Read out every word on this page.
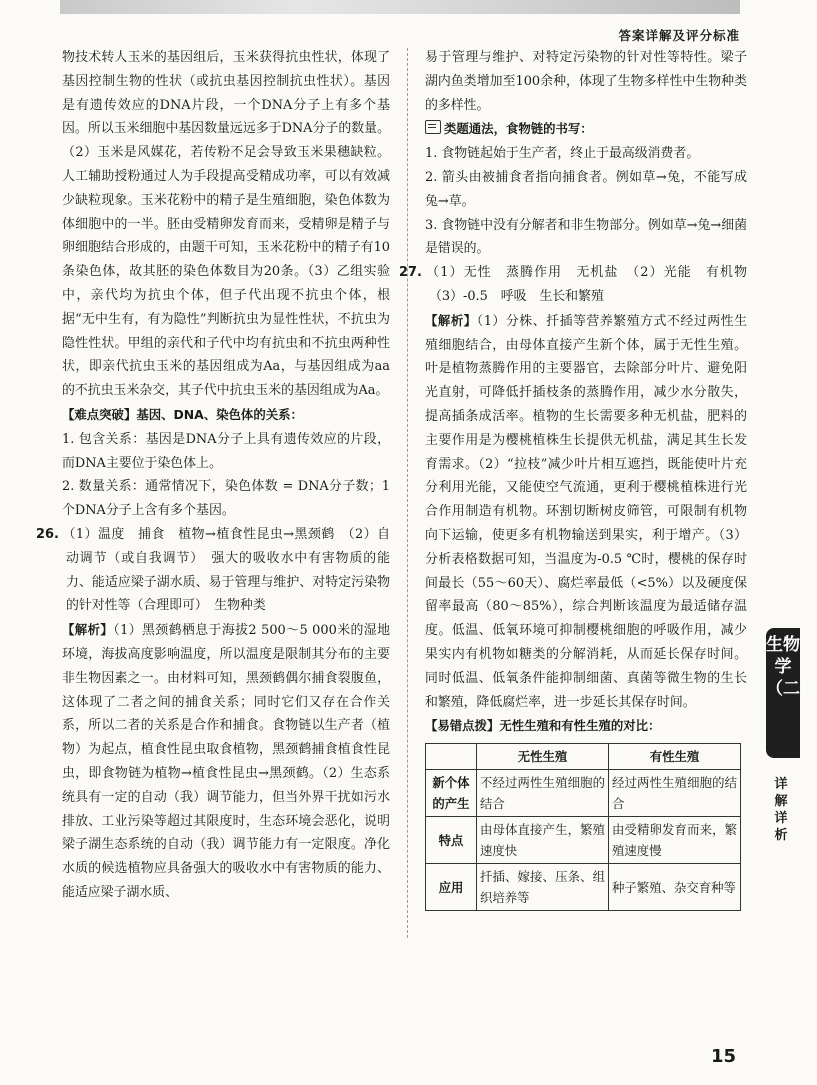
答案详解及评分标准

物技术转人玉米的基因组后，玉米获得抗虫性状，体现了基因控制生物的性状（或抗虫基因控制抗虫性状）。基因是有遗传效应的DNA片段，一个DNA分子上有多个基因。所以玉米细胞中基因数量远远多于DNA分子的数量。（2）玉米是风媒花，若传粉不足会导致玉米果穗缺粒。人工辅助授粉通过人为手段提高受精成功率，可以有效减少缺粒现象。玉米花粉中的精子是生殖细胞，染色体数为体细胞中的一半。胚由受精卵发育而来，受精卵是精子与卵细胞结合形成的，由题干可知，玉米花粉中的精子有10条染色体，故其胚的染色体数目为20条。（3）乙组实验中，亲代均为抗虫个体，但子代出现不抗虫个体，根据“无中生有，有为隐性”判断抗虫为显性性状，不抗虫为隐性性状。甲组的亲代和子代中均有抗虫和不抗虫两种性状，即亲代抗虫玉米的基因组成为Aa，与基因组成为aa的不抗虫玉米杂交，其子代中抗虫玉米的基因组成为Aa。

【难点突破】基因、DNA、染色体的关系：

1. 包含关系：基因是DNA分子上具有遗传效应的片段，而DNA主要位于染色体上。

2. 数量关系：通常情况下，染色体数 = DNA分子数；1个DNA分子上含有多个基因。

26. （1）温度　捕食　植物→植食性昆虫→黑颈鹤　（2）自动调节（或自我调节）　强大的吸收水中有害物质的能力、能适应梁子湖水质、易于管理与维护、对特定污染物的针对性等（合理即可）　生物种类

【解析】（1）黑颈鹤栖息于海拔2 500～5 000米的湿地环境，海拔高度影响温度，所以温度是限制其分布的主要非生物因素之一。由材料可知，黑颈鹤偶尔捕食裂腹鱼，这体现了二者之间的捕食关系；同时它们又存在合作关系，所以二者的关系是合作和捕食。食物链以生产者（植物）为起点，植食性昆虫取食植物，黑颈鹤捕食植食性昆虫，即食物链为植物→植食性昆虫→黑颈鹤。（2）生态系统具有一定的自动（我）调节能力，但当外界干扰如污水排放、工业污染等超过其限度时，生态环境会恶化，说明梁子湖生态系统的自动（我）调节能力有一定限度。净化水质的候选植物应具备强大的吸收水中有害物质的能力、能适应梁子湖水质、

易于管理与维护、对特定污染物的针对性等特性。梁子湖内鱼类增加至100余种，体现了生物多样性中生物种类的多样性。

类题通法，食物链的书写：

1. 食物链起始于生产者，终止于最高级消费者。

2. 箭头由被捕食者指向捕食者。例如草→兔，不能写成兔→草。

3. 食物链中没有分解者和非生物部分。例如草→兔→细菌是错误的。

27. （1）无性　蒸腾作用　无机盐　（2）光能　有机物　（3）-0.5　呼吸　生长和繁殖

【解析】（1）分株、扦插等营养繁殖方式不经过两性生殖细胞结合，由母体直接产生新个体，属于无性生殖。叶是植物蒸腾作用的主要器官，去除部分叶片、避免阳光直射，可降低扦插枝条的蒸腾作用，减少水分散失，提高插条成活率。植物的生长需要多种无机盐，肥料的主要作用是为樱桃植株生长提供无机盐，满足其生长发育需求。（2）“拉枝”减少叶片相互遮挡，既能使叶片充分利用光能，又能使空气流通，更利于樱桃植株进行光合作用制造有机物。环割切断树皮筛管，可限制有机物向下运输，使更多有机物输送到果实，利于增产。（3）分析表格数据可知，当温度为-0.5 ℃时，樱桃的保存时间最长（55～60天）、腐烂率最低（<5%）以及硬度保留率最高（80～85%），综合判断该温度为最适储存温度。低温、低氧环境可抑制樱桃细胞的呼吸作用，减少果实内有机物如糖类的分解消耗，从而延长保存时间。同时低温、低氧条件能抑制细菌、真菌等微生物的生长和繁殖，降低腐烂率，进一步延长其保存时间。

【易错点拨】无性生殖和有性生殖的对比：

	无性生殖	有性生殖
新个体的产生	不经过两性生殖细胞的结合	经过两性生殖细胞的结合
特点	由母体直接产生，繁殖速度快	由受精卵发育而来，繁殖速度慢
应用	扦插、嫁接、压条、组织培养等	种子繁殖、杂交育种等
生物学（二）
详解详析
15
